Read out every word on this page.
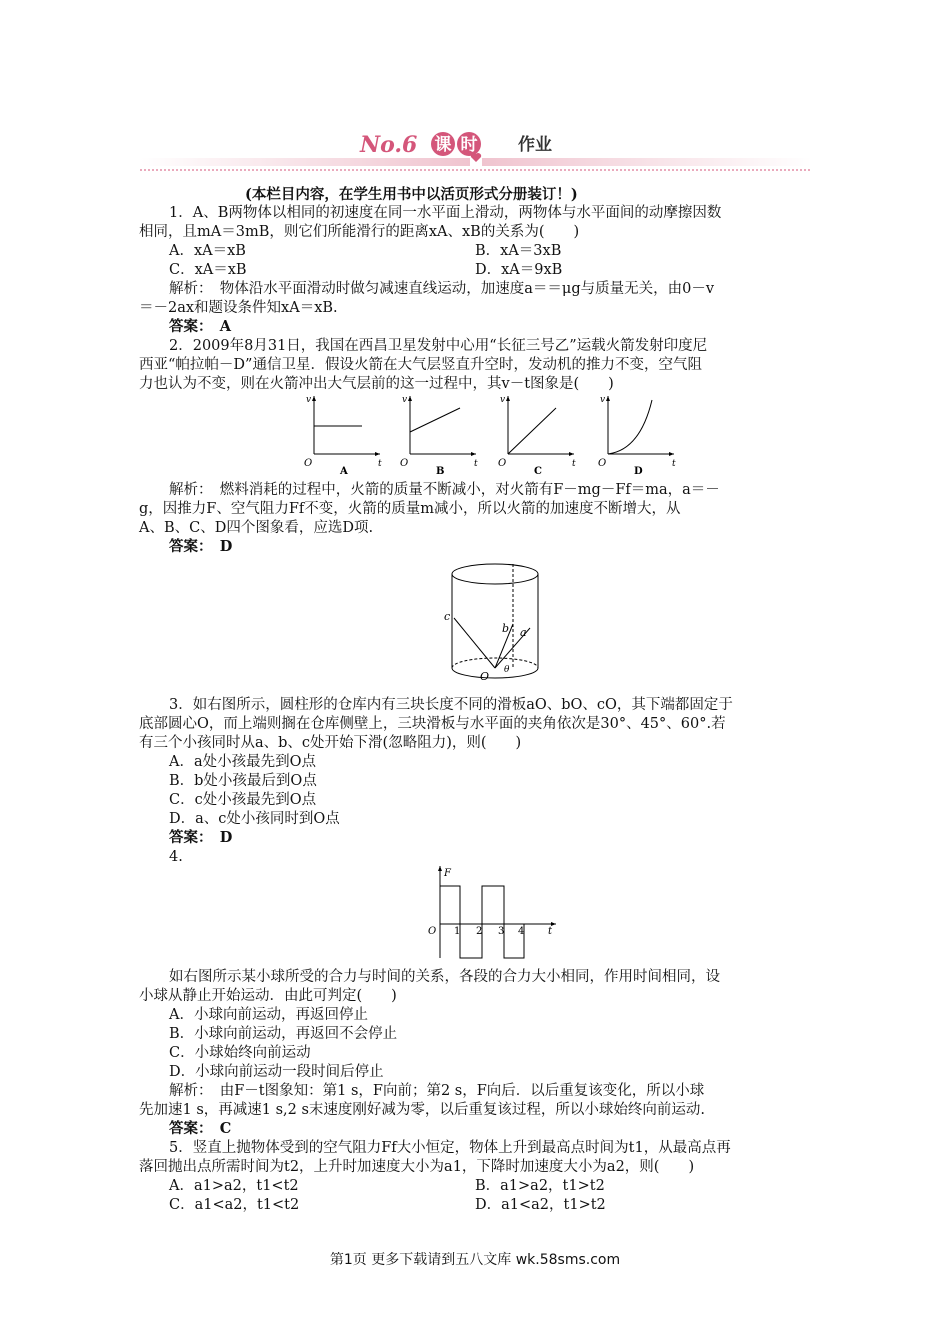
No.6 课 时 作业
(本栏目内容，在学生用书中以活页形式分册装订！)
1．A、B两物体以相同的初速度在同一水平面上滑动，两物体与水平面间的动摩擦因数
相同，且mA＝3mB，则它们所能滑行的距离xA、xB的关系为(　　)
A．xA＝xB	B．xA＝3xB
C．xA＝xB	D．xA＝9xB
解析：　物体沿水平面滑动时做匀减速直线运动，加速度a＝＝μg与质量无关，由0－v
＝－2ax和题设条件知xA＝xB.
答案：　A
2．2009年8月31日，我国在西昌卫星发射中心用“长征三号乙”运载火箭发射印度尼
西亚“帕拉帕－D”通信卫星．假设火箭在大气层竖直升空时，发动机的推力不变，空气阻
力也认为不变，则在火箭冲出大气层前的这一过程中，其v－t图象是(　　)
v
t
O
A
v
t
O
B
v
t
O
C
v
t
O
D
解析：　燃料消耗的过程中，火箭的质量不断减小，对火箭有F－mg－Ff＝ma，a＝－
g，因推力F、空气阻力Ff不变，火箭的质量m减小，所以火箭的加速度不断增大，从
A、B、C、D四个图象看，应选D项.
答案：　D
c
b a
O θ
3．如右图所示，圆柱形的仓库内有三块长度不同的滑板aO、bO、cO，其下端都固定于
底部圆心O，而上端则搁在仓库侧壁上，三块滑板与水平面的夹角依次是30°、45°、60°.若
有三个小孩同时从a、b、c处开始下滑(忽略阻力)，则(　　)
A．a处小孩最先到O点
B．b处小孩最后到O点
C．c处小孩最先到O点
D．a、c处小孩同时到O点
答案：　D
4.
F
t
O 1 2 3 4
如右图所示某小球所受的合力与时间的关系，各段的合力大小相同，作用时间相同，设
小球从静止开始运动．由此可判定(　　)
A．小球向前运动，再返回停止
B．小球向前运动，再返回不会停止
C．小球始终向前运动
D．小球向前运动一段时间后停止
解析：　由F－t图象知：第1 s，F向前；第2 s，F向后．以后重复该变化，所以小球
先加速1 s，再减速1 s,2 s末速度刚好减为零，以后重复该过程，所以小球始终向前运动.
答案：　C
5．竖直上抛物体受到的空气阻力Ff大小恒定，物体上升到最高点时间为t1，从最高点再
落回抛出点所需时间为t2，上升时加速度大小为a1，下降时加速度大小为a2，则(　　)
A．a1>a2，t1<t2	B．a1>a2，t1>t2
C．a1<a2，t1<t2	D．a1<a2，t1>t2
第1页 更多下载请到五八文库 wk.58sms.com
